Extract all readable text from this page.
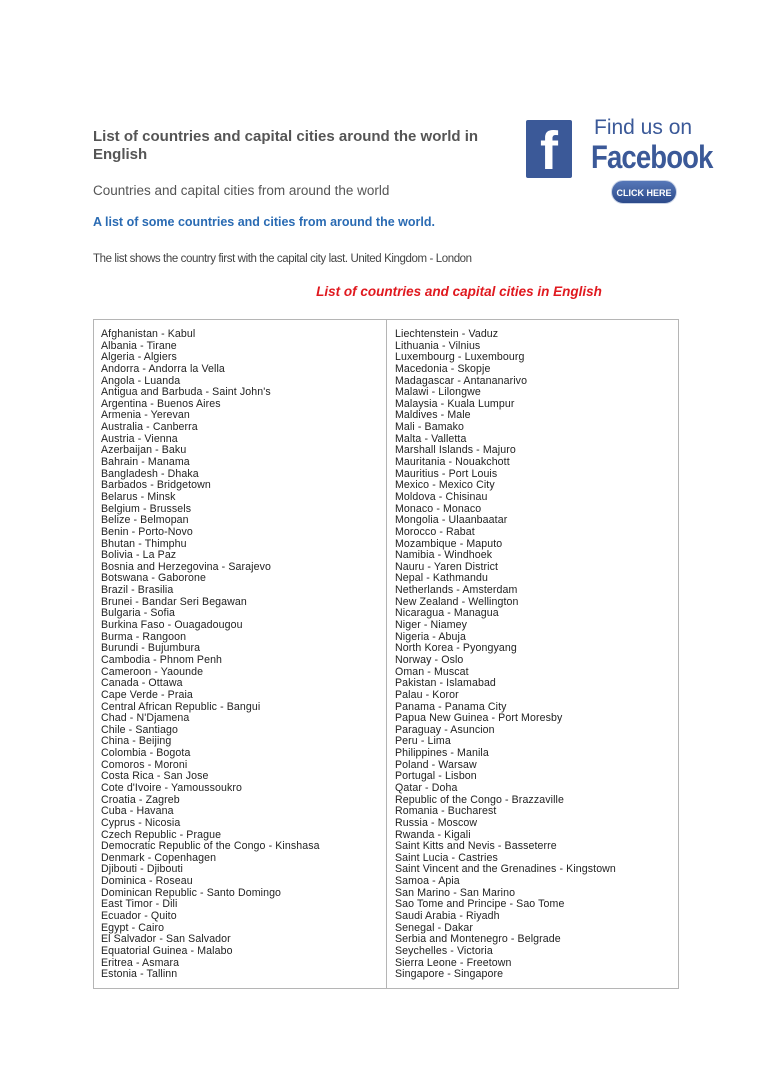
List of countries and capital cities around the world in English

Countries and capital cities from around the world

A list of some countries and cities from around the world.

The list shows the country first with the capital city last. United Kingdom - London

f Find us on

Facebook

CLICK HERE

List of countries and capital cities in English

Afghanistan - Kabul
Albania - Tirane
Algeria - Algiers
Andorra - Andorra la Vella
Angola - Luanda
Antigua and Barbuda - Saint John's
Argentina - Buenos Aires
Armenia - Yerevan
Australia - Canberra
Austria - Vienna
Azerbaijan - Baku
Bahrain - Manama
Bangladesh - Dhaka
Barbados - Bridgetown
Belarus - Minsk
Belgium - Brussels
Belize - Belmopan
Benin - Porto-Novo
Bhutan - Thimphu
Bolivia - La Paz
Bosnia and Herzegovina - Sarajevo
Botswana - Gaborone
Brazil - Brasilia
Brunei - Bandar Seri Begawan
Bulgaria - Sofia
Burkina Faso - Ouagadougou
Burma - Rangoon
Burundi - Bujumbura
Cambodia - Phnom Penh
Cameroon - Yaounde
Canada - Ottawa
Cape Verde - Praia
Central African Republic - Bangui
Chad - N'Djamena
Chile - Santiago
China - Beijing
Colombia - Bogota
Comoros - Moroni
Costa Rica - San Jose
Cote d'Ivoire - Yamoussoukro
Croatia - Zagreb
Cuba - Havana
Cyprus - Nicosia
Czech Republic - Prague
Democratic Republic of the Congo - Kinshasa
Denmark - Copenhagen
Djibouti - Djibouti
Dominica - Roseau
Dominican Republic - Santo Domingo
East Timor - Dili
Ecuador - Quito
Egypt - Cairo
El Salvador - San Salvador
Equatorial Guinea - Malabo
Eritrea - Asmara
Estonia - Tallinn
Liechtenstein - Vaduz
Lithuania - Vilnius
Luxembourg - Luxembourg
Macedonia - Skopje
Madagascar - Antananarivo
Malawi - Lilongwe
Malaysia - Kuala Lumpur
Maldives - Male
Mali - Bamako
Malta - Valletta
Marshall Islands - Majuro
Mauritania - Nouakchott
Mauritius - Port Louis
Mexico - Mexico City
Moldova - Chisinau
Monaco - Monaco
Mongolia - Ulaanbaatar
Morocco - Rabat
Mozambique - Maputo
Namibia - Windhoek
Nauru - Yaren District
Nepal - Kathmandu
Netherlands - Amsterdam
New Zealand - Wellington
Nicaragua - Managua
Niger - Niamey
Nigeria - Abuja
North Korea - Pyongyang
Norway - Oslo
Oman - Muscat
Pakistan - Islamabad
Palau - Koror
Panama - Panama City
Papua New Guinea - Port Moresby
Paraguay - Asuncion
Peru - Lima
Philippines - Manila
Poland - Warsaw
Portugal - Lisbon
Qatar - Doha
Republic of the Congo - Brazzaville
Romania - Bucharest
Russia - Moscow
Rwanda - Kigali
Saint Kitts and Nevis - Basseterre
Saint Lucia - Castries
Saint Vincent and the Grenadines - Kingstown
Samoa - Apia
San Marino - San Marino
Sao Tome and Principe - Sao Tome
Saudi Arabia - Riyadh
Senegal - Dakar
Serbia and Montenegro - Belgrade
Seychelles - Victoria
Sierra Leone - Freetown
Singapore - Singapore
